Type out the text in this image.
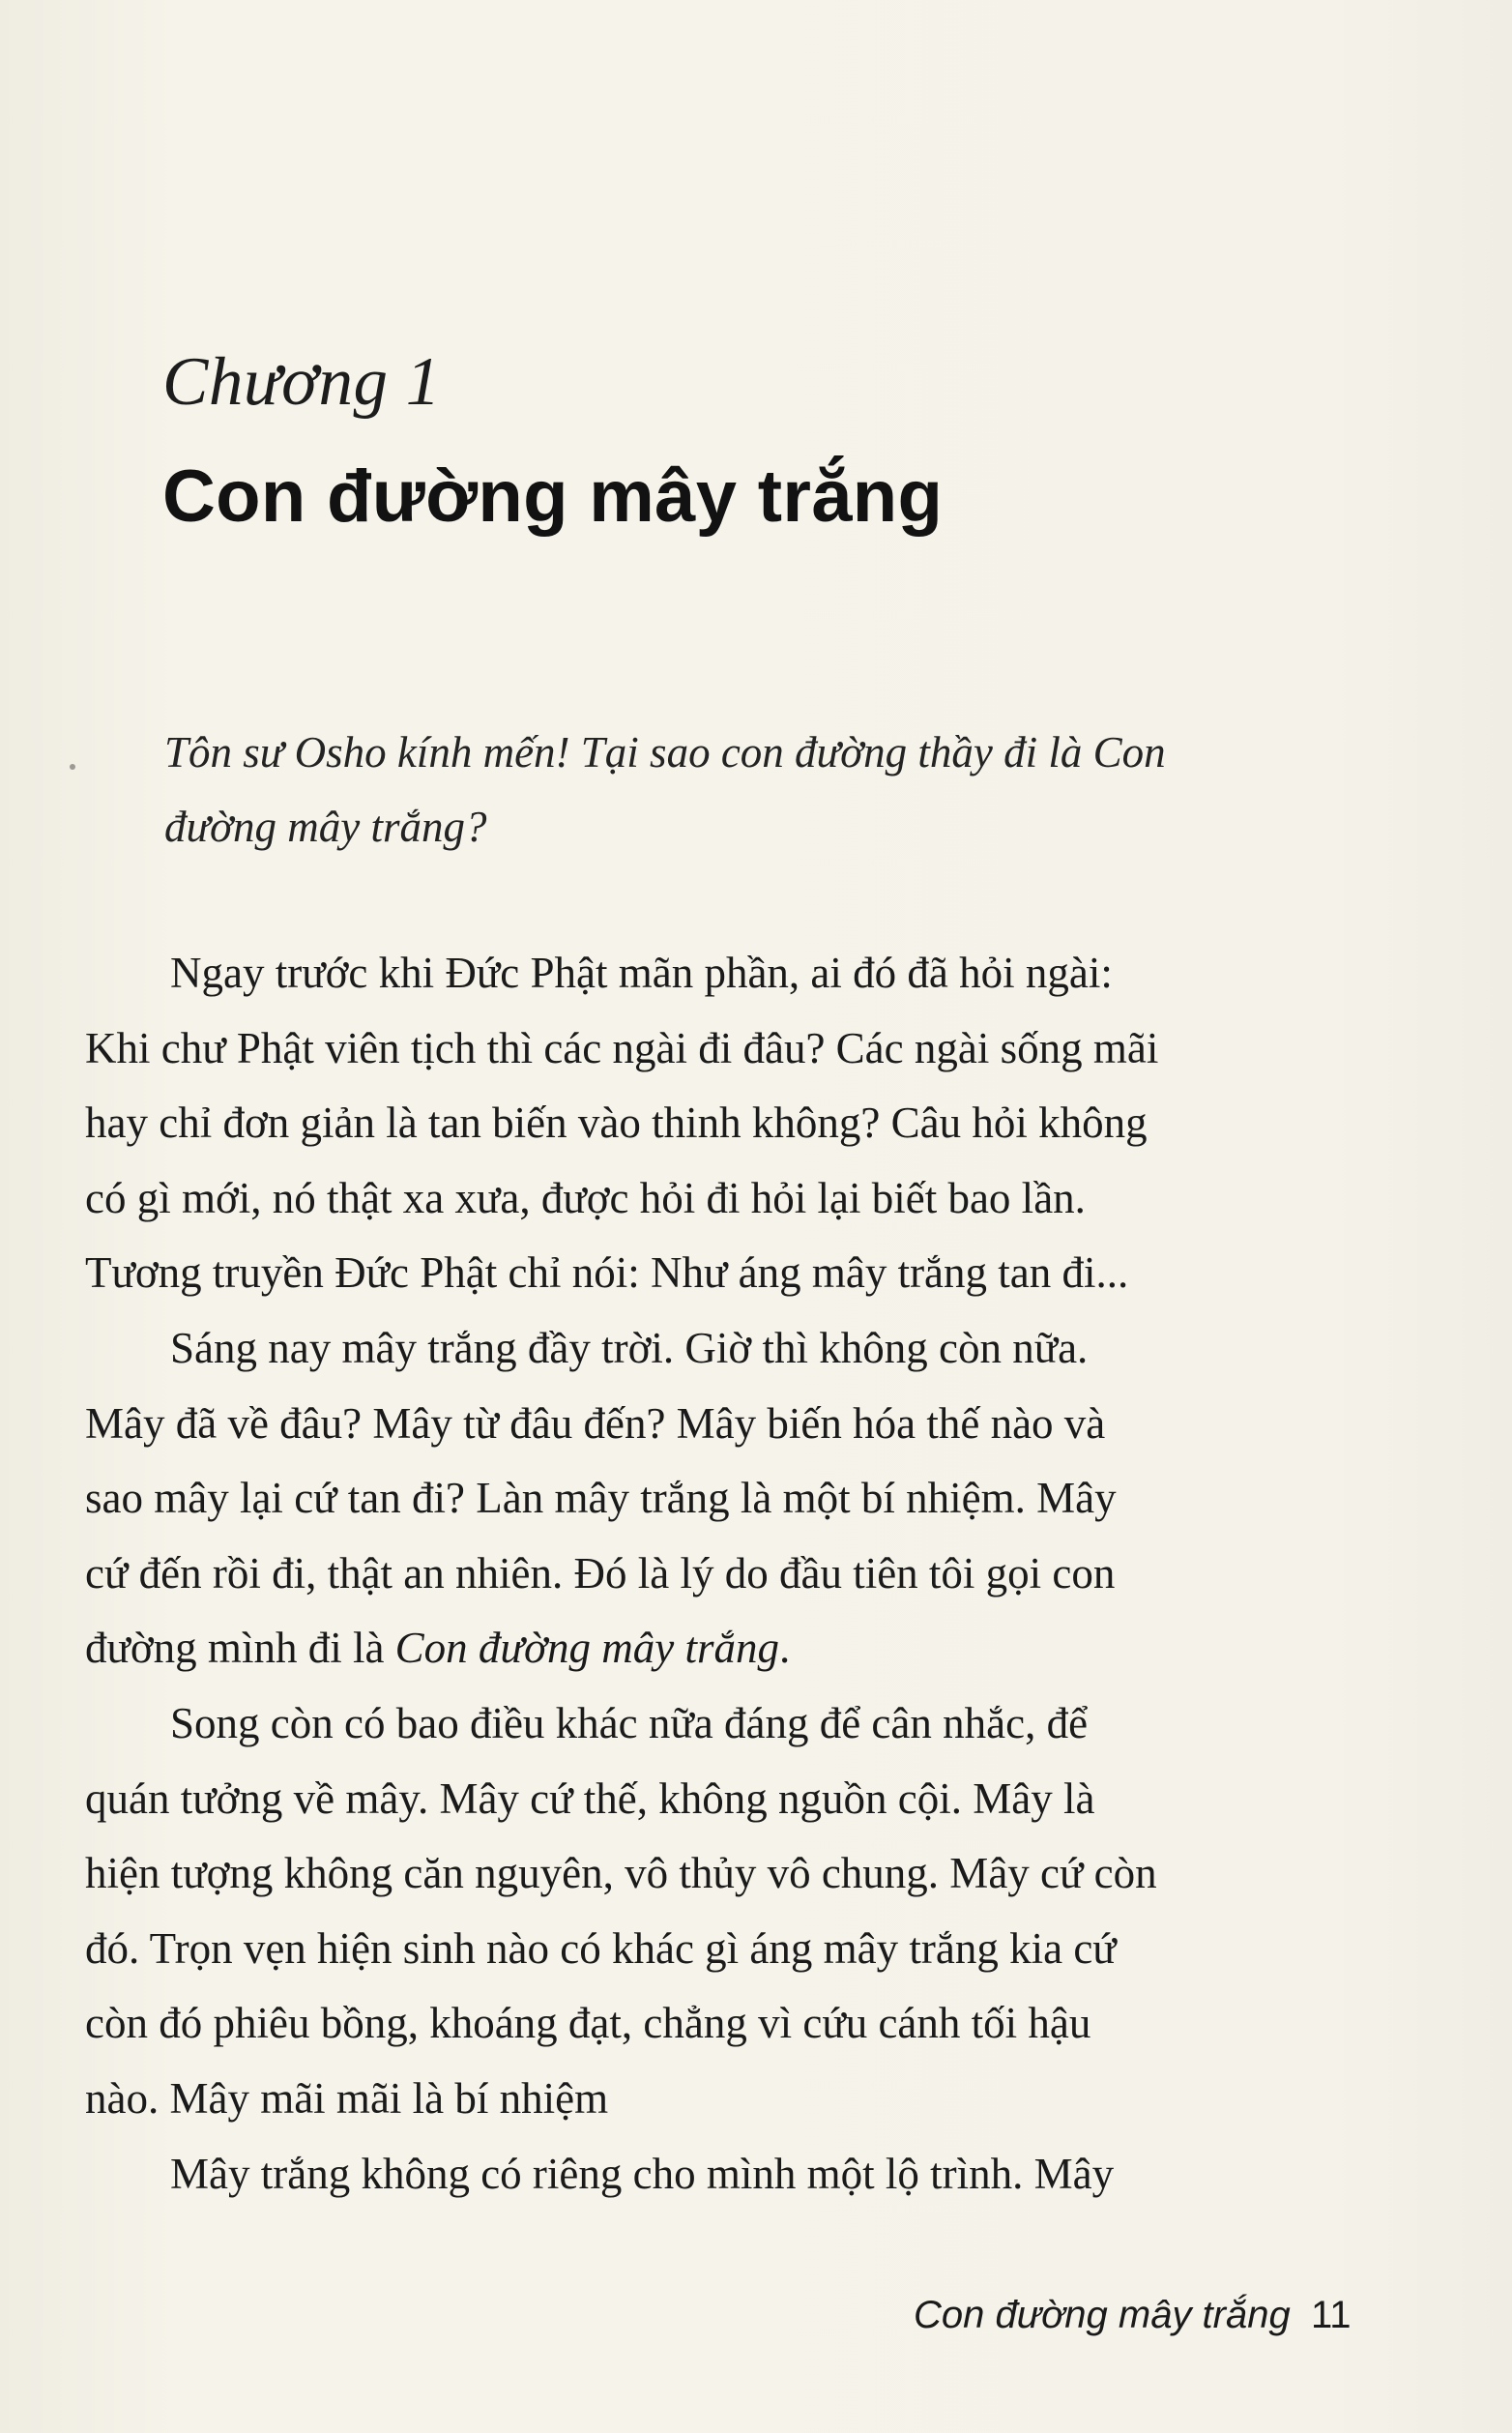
Chương 1
Con đường mây trắng
Tôn sư Osho kính mến! Tại sao con đường thầy đi là Con
đường mây trắng?
Ngay trước khi Đức Phật mãn phần, ai đó đã hỏi ngài:
Khi chư Phật viên tịch thì các ngài đi đâu? Các ngài sống mãi
hay chỉ đơn giản là tan biến vào thinh không? Câu hỏi không
có gì mới, nó thật xa xưa, được hỏi đi hỏi lại biết bao lần.
Tương truyền Đức Phật chỉ nói: Như áng mây trắng tan đi...
Sáng nay mây trắng đầy trời. Giờ thì không còn nữa.
Mây đã về đâu? Mây từ đâu đến? Mây biến hóa thế nào và
sao mây lại cứ tan đi? Làn mây trắng là một bí nhiệm. Mây
cứ đến rồi đi, thật an nhiên. Đó là lý do đầu tiên tôi gọi con
đường mình đi là Con đường mây trắng.
Song còn có bao điều khác nữa đáng để cân nhắc, để
quán tưởng về mây. Mây cứ thế, không nguồn cội. Mây là
hiện tượng không căn nguyên, vô thủy vô chung. Mây cứ còn
đó. Trọn vẹn hiện sinh nào có khác gì áng mây trắng kia cứ
còn đó phiêu bồng, khoáng đạt, chẳng vì cứu cánh tối hậu
nào. Mây mãi mãi là bí nhiệm
Mây trắng không có riêng cho mình một lộ trình. Mây
Con đường mây trắng 11
